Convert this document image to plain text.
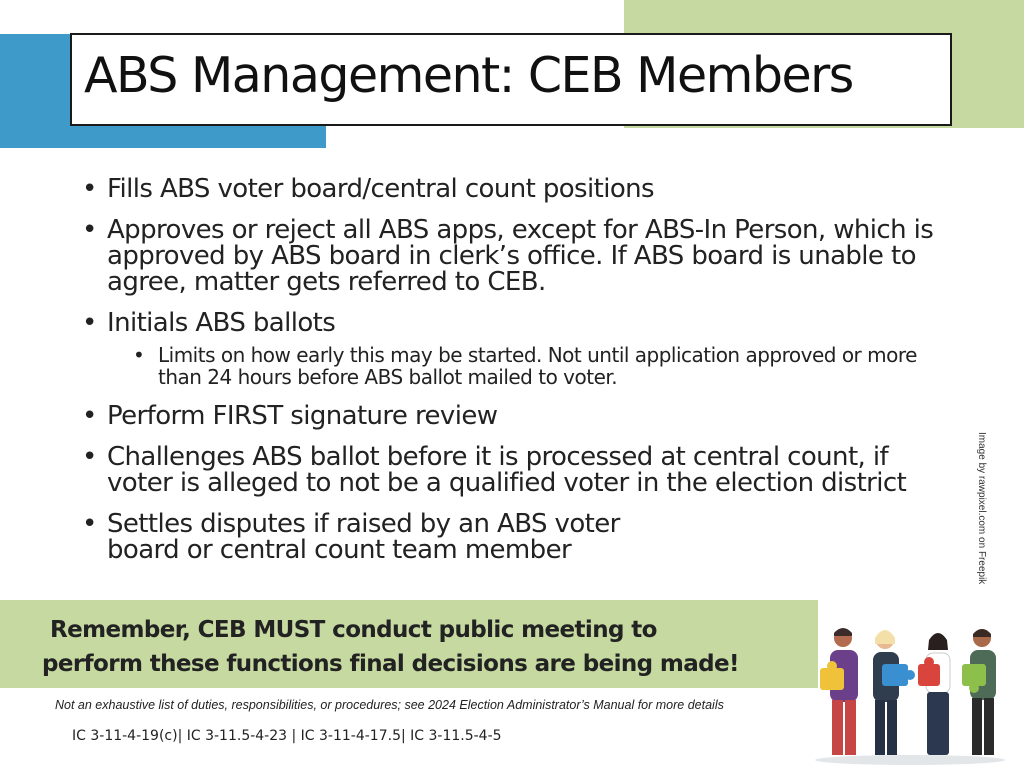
ABS Management: CEB Members
• Fills ABS voter board/central count positions
• Approves or reject all ABS apps, except for ABS-In Person, which is approved by ABS board in clerk’s office. If ABS board is unable to agree, matter gets referred to CEB.
• Initials ABS ballots
• Limits on how early this may be started. Not until application approved or more than 24 hours before ABS ballot mailed to voter.
• Perform FIRST signature review
• Challenges ABS ballot before it is processed at central count, if voter is alleged to not be a qualified voter in the election district
• Settles disputes if raised by an ABS voter board or central count team member	Image by rawpixel.com on Freepik
Remember, CEB MUST conduct public meeting to
perform these functions final decisions are being made!
Not an exhaustive list of duties, responsibilities, or procedures; see 2024 Election Administrator’s Manual for more details
IC 3-11-4-19(c)| IC 3-11.5-4-23 | IC 3-11-4-17.5| IC 3-11.5-4-5
